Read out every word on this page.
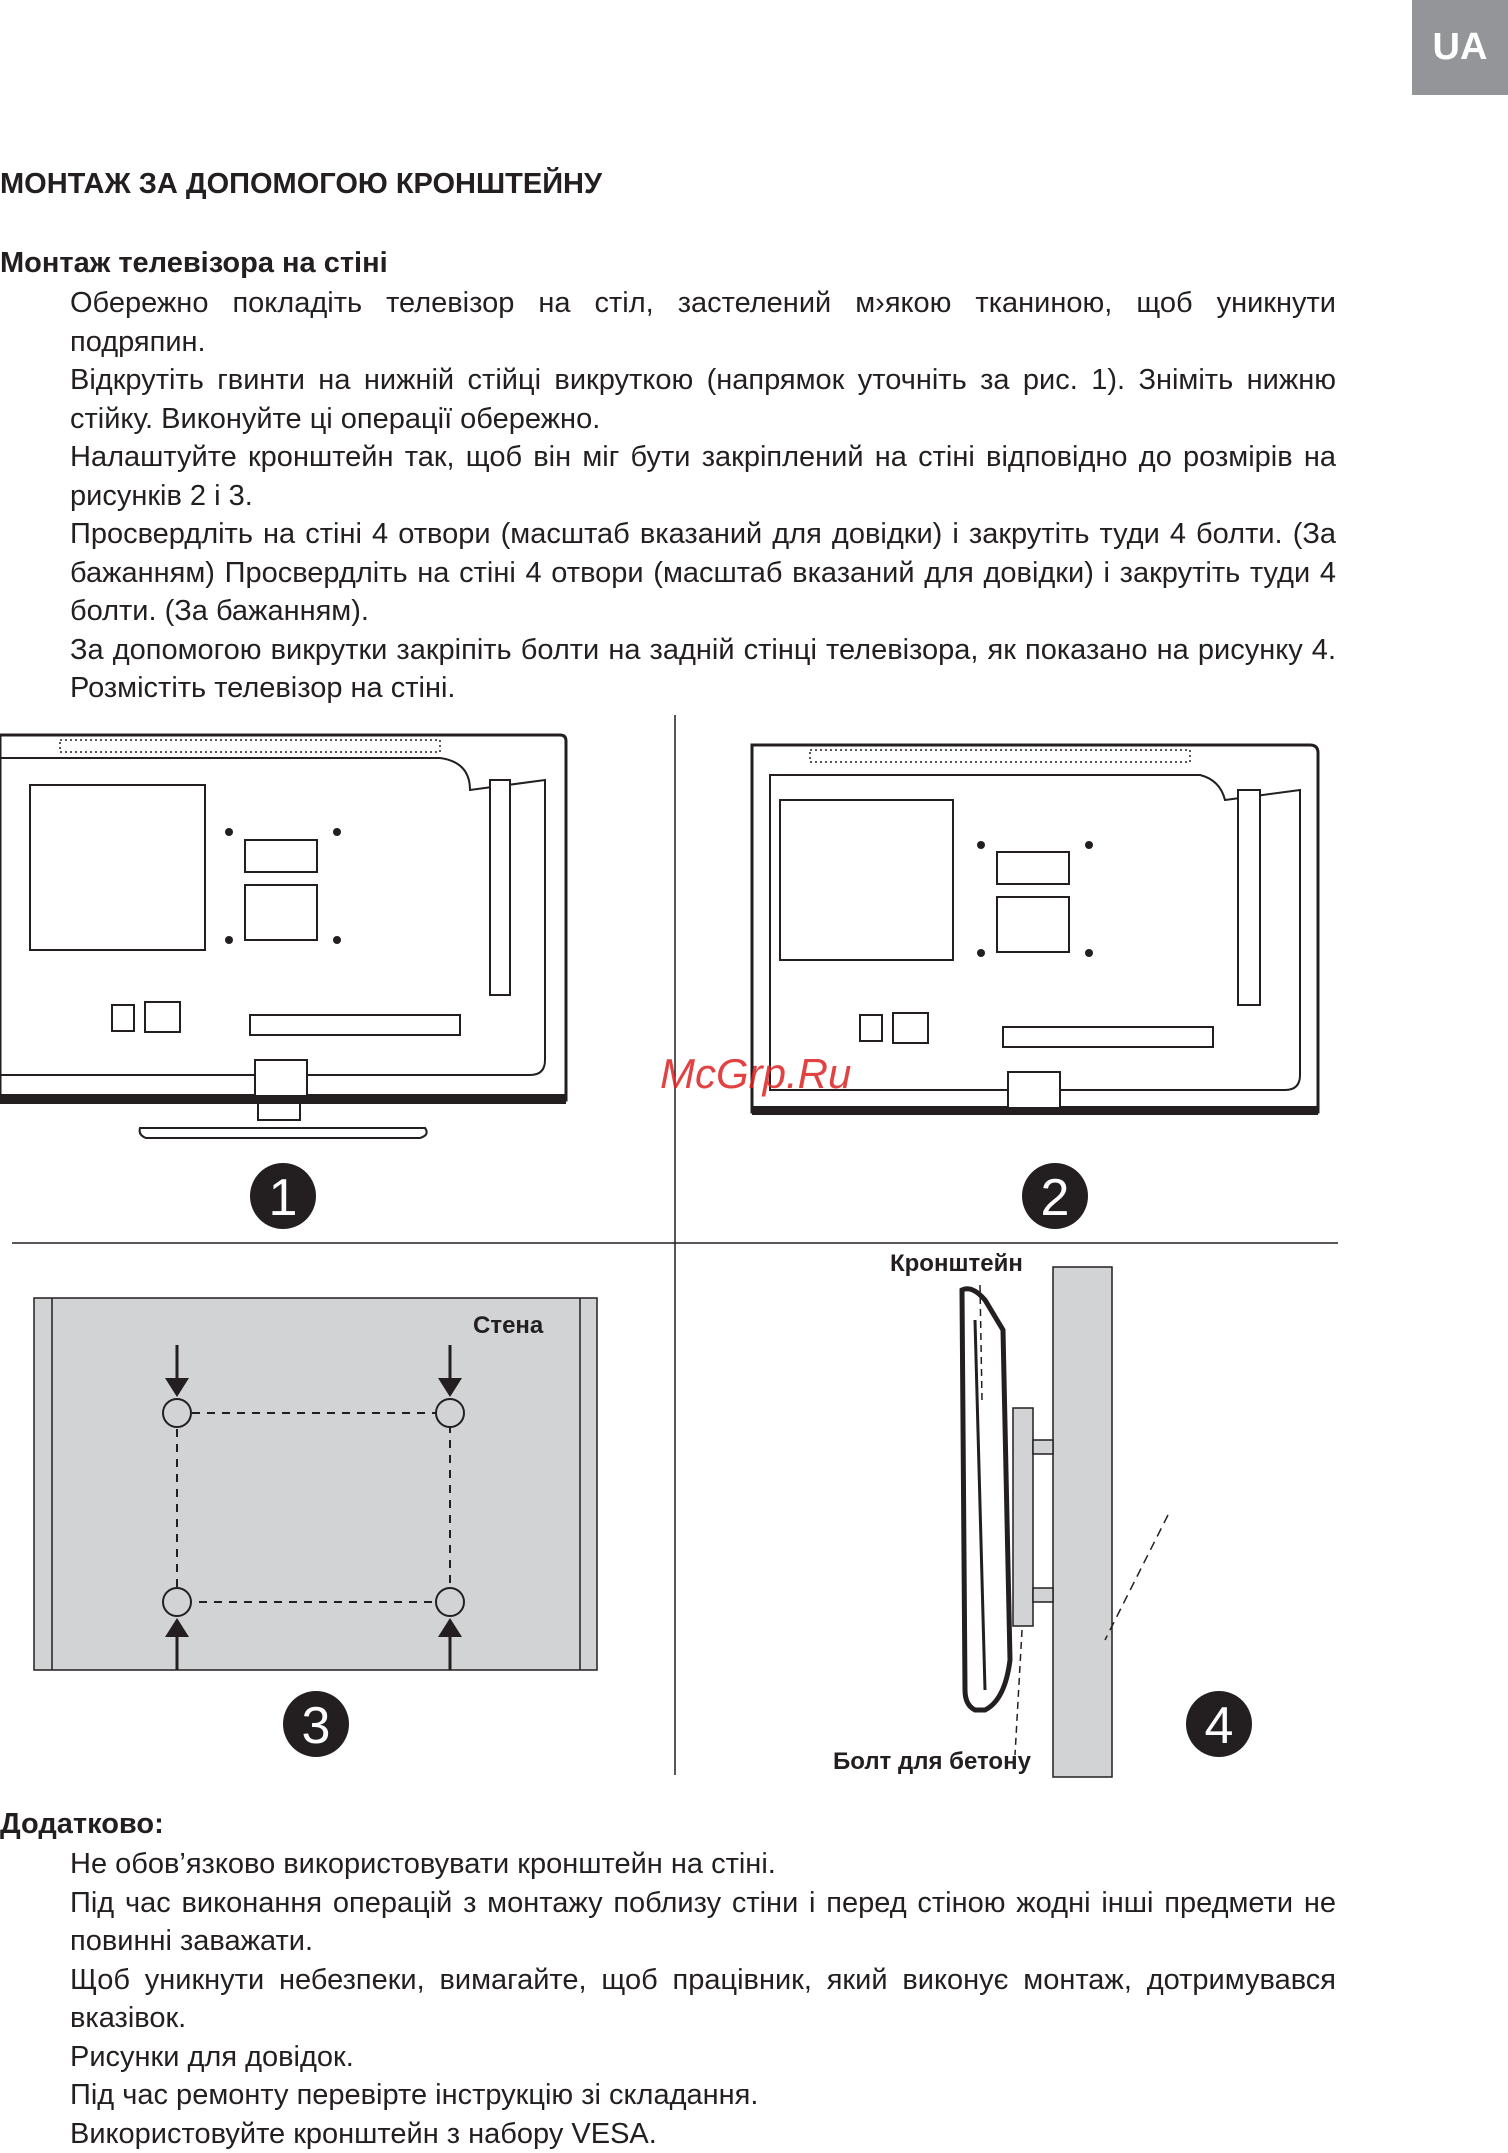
UA
МОНТАЖ ЗА ДОПОМОГОЮ КРОНШТЕЙНУ
Монтаж телевізора на стіні
Обережно покладіть телевізор на стіл, застелений м›якою тканиною, щоб уникнути подряпин.
Відкрутіть гвинти на нижній стійці викруткою (напрямок уточніть за рис. 1). Зніміть нижню стійку. Виконуйте ці операції обережно.
Налаштуйте кронштейн так, щоб він міг бути закріплений на стіні відповідно до розмірів на рисунків 2 і 3.
Просвердліть на стіні 4 отвори (масштаб вказаний для довідки) і закрутіть туди 4 болти. (За бажанням) Просвердліть на стіні 4 отвори (масштаб вказаний для довідки) і закрутіть туди 4 болти. (За бажанням).
За допомогою викрутки закріпіть болти на задній стінці телевізора, як показано на рисунку 4. Розмістіть телевізор на стіні.
1	2
3	4
Стена
Кронштейн
Болт для бетону
McGrp.Ru
Додатково:
Не обов’язково використовувати кронштейн на стіні.
Під час виконання операцій з монтажу поблизу стіни і перед стіною жодні інші предмети не повинні заважати.
Щоб уникнути небезпеки, вимагайте, щоб працівник, який виконує монтаж, дотримувався вказівок.
Рисунки для довідок.
Під час ремонту перевірте інструкцію зі складання.
Використовуйте кронштейн з набору VESA.
